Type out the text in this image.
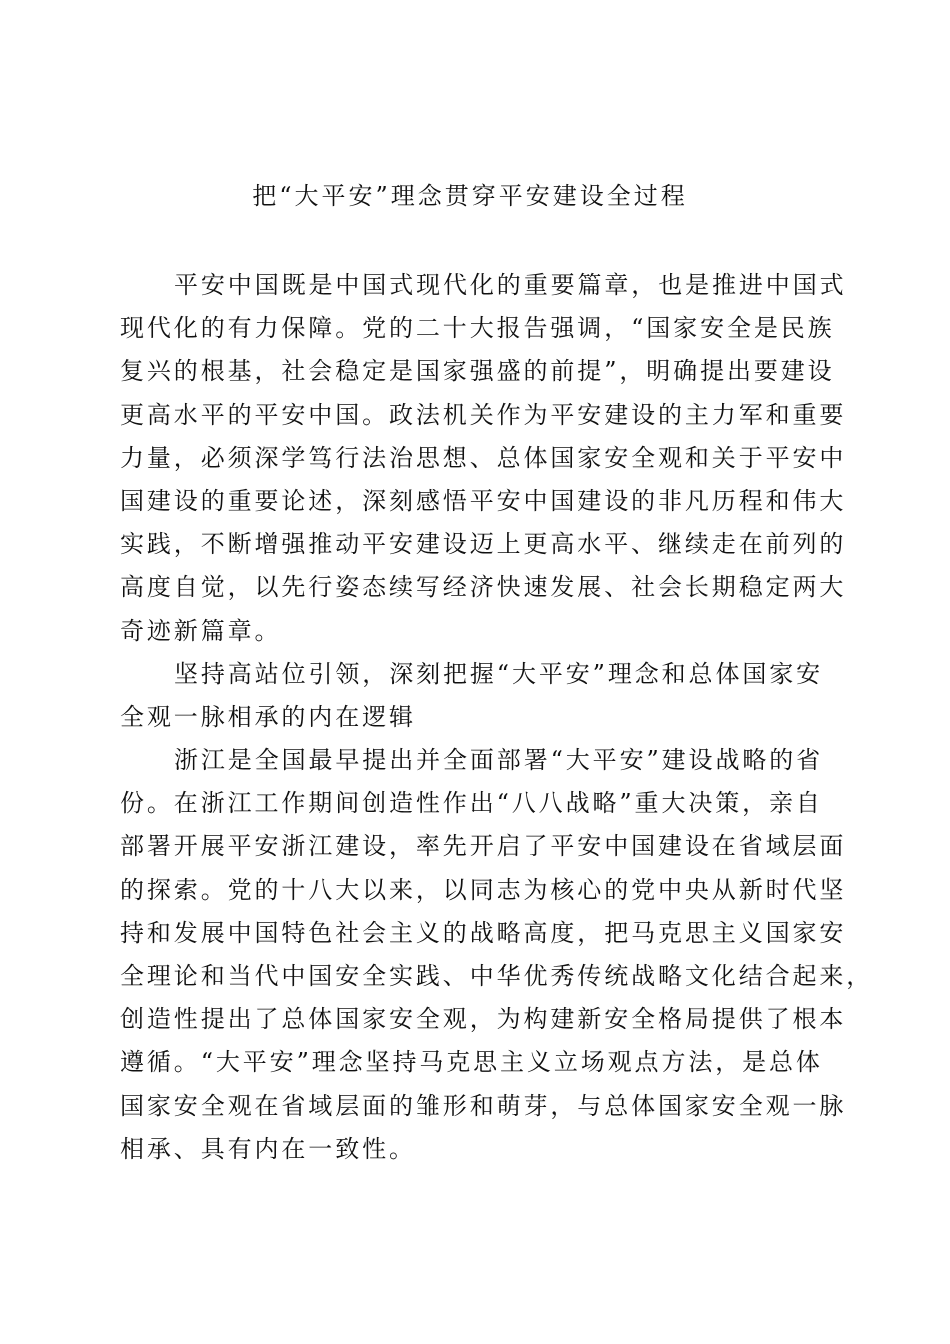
把“大平安”理念贯穿平安建设全过程
平安中国既是中国式现代化的重要篇章，也是推进中国式
现代化的有力保障。党的二十大报告强调，“国家安全是民族
复兴的根基，社会稳定是国家强盛的前提”，明确提出要建设
更高水平的平安中国。政法机关作为平安建设的主力军和重要
力量，必须深学笃行法治思想、总体国家安全观和关于平安中
国建设的重要论述，深刻感悟平安中国建设的非凡历程和伟大
实践，不断增强推动平安建设迈上更高水平、继续走在前列的
高度自觉，以先行姿态续写经济快速发展、社会长期稳定两大
奇迹新篇章。
坚持高站位引领，深刻把握“大平安”理念和总体国家安
全观一脉相承的内在逻辑
浙江是全国最早提出并全面部署“大平安”建设战略的省
份。在浙江工作期间创造性作出“八八战略”重大决策，亲自
部署开展平安浙江建设，率先开启了平安中国建设在省域层面
的探索。党的十八大以来，以同志为核心的党中央从新时代坚
持和发展中国特色社会主义的战略高度，把马克思主义国家安
全理论和当代中国安全实践、中华优秀传统战略文化结合起来，
创造性提出了总体国家安全观，为构建新安全格局提供了根本
遵循。“大平安”理念坚持马克思主义立场观点方法，是总体
国家安全观在省域层面的雏形和萌芽，与总体国家安全观一脉
相承、具有内在一致性。
